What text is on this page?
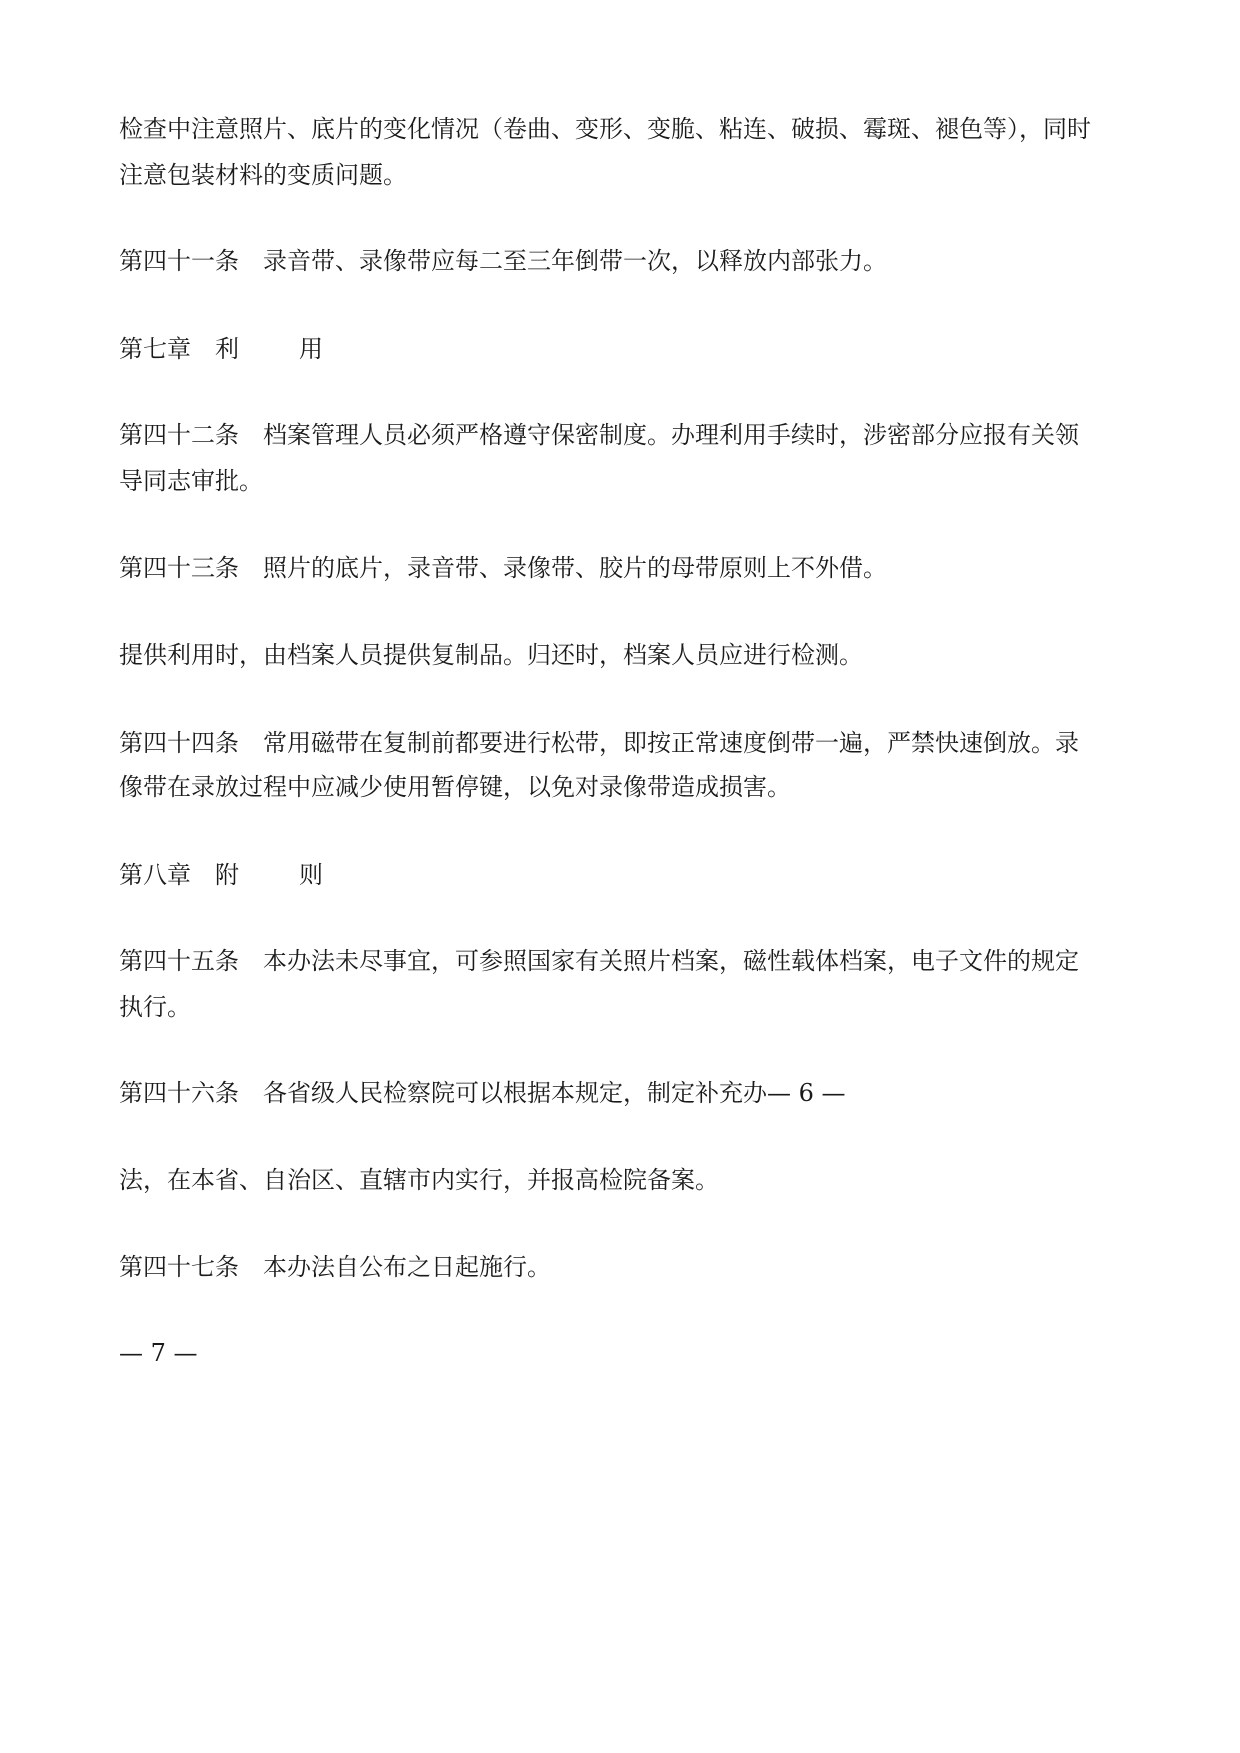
检查中注意照片、底片的变化情况（卷曲、变形、变脆、粘连、破损、霉斑、褪色等），同时
注意包装材料的变质问题。
第四十一条 录音带、录像带应每二至三年倒带一次，以释放内部张力。
第七章 利	用
第四十二条 档案管理人员必须严格遵守保密制度。办理利用手续时，涉密部分应报有关领
导同志审批。
第四十三条 照片的底片，录音带、录像带、胶片的母带原则上不外借。
提供利用时，由档案人员提供复制品。归还时，档案人员应进行检测。
第四十四条 常用磁带在复制前都要进行松带，即按正常速度倒带一遍，严禁快速倒放。录
像带在录放过程中应减少使用暂停键，以免对录像带造成损害。
第八章 附	则
第四十五条 本办法未尽事宜，可参照国家有关照片档案，磁性载体档案，电子文件的规定
执行。
第四十六条 各省级人民检察院可以根据本规定，制定补充办— 6 —
法，在本省、自治区、直辖市内实行，并报高检院备案。
第四十七条 本办法自公布之日起施行。
— 7 —
